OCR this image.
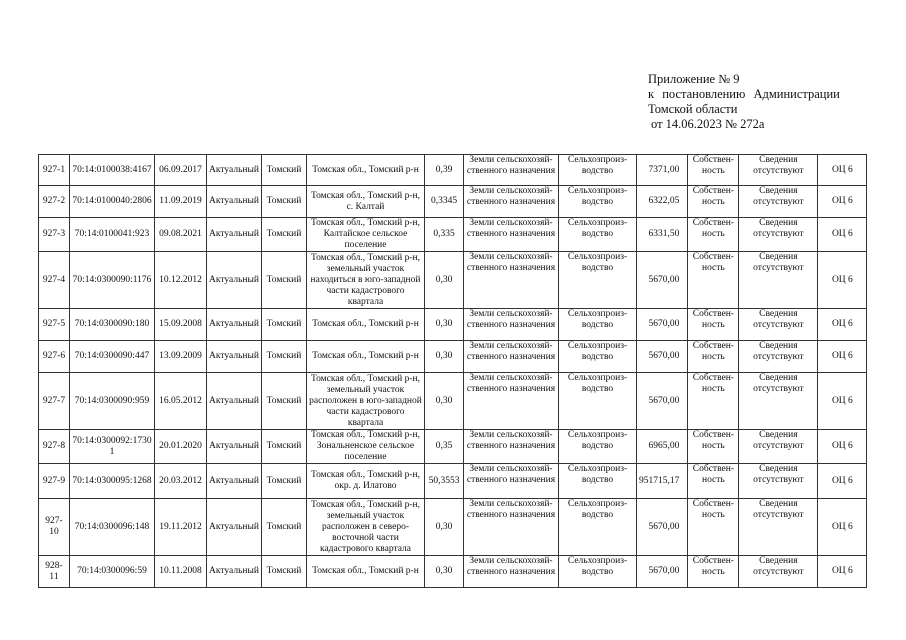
Приложение № 9
к постановлению Администрации
Томской области
от 14.06.2023 № 272а
927-1	70:14:0100038:4167	06.09.2017	Актуальный	Томский	Томская обл., Томский р-н	0,39	Земли сельскохозяй-ственного назначения	Сельхозпроиз-водство	7371,00	Собствен-ность	Сведения отсутствуют	ОЦ 6
927-2	70:14:0100040:2806	11.09.2019	Актуальный	Томский	Томская обл., Томский р-н, с. Калтай	0,3345	Земли сельскохозяй-ственного назначения	Сельхозпроиз-водство	6322,05	Собствен-ность	Сведения отсутствуют	ОЦ 6
927-3	70:14:0100041:923	09.08.2021	Актуальный	Томский	Томская обл., Томский р-н, Калтайское сельское поселение	0,335	Земли сельскохозяй-ственного назначения	Сельхозпроиз-водство	6331,50	Собствен-ность	Сведения отсутствуют	ОЦ 6
927-4	70:14:0300090:1176	10.12.2012	Актуальный	Томский	Томская обл., Томский р-н, земельный участок находиться в юго-западной части кадастрового квартала	0,30	Земли сельскохозяй-ственного назначения	Сельхозпроиз-водство	5670,00	Собствен-ность	Сведения отсутствуют	ОЦ 6
927-5	70:14:0300090:180	15.09.2008	Актуальный	Томский	Томская обл., Томский р-н	0,30	Земли сельскохозяй-ственного назначения	Сельхозпроиз-водство	5670,00	Собствен-ность	Сведения отсутствуют	ОЦ 6
927-6	70:14:0300090:447	13.09.2009	Актуальный	Томский	Томская обл., Томский р-н	0,30	Земли сельскохозяй-ственного назначения	Сельхозпроиз-водство	5670,00	Собствен-ность	Сведения отсутствуют	ОЦ 6
927-7	70:14:0300090:959	16.05.2012	Актуальный	Томский	Томская обл., Томский р-н, земельный участок расположен в юго-западной части кадастрового квартала	0,30	Земли сельскохозяй-ственного назначения	Сельхозпроиз-водство	5670,00	Собствен-ность	Сведения отсутствуют	ОЦ 6
927-8	70:14:0300092:1730 1	20.01.2020	Актуальный	Томский	Томская обл., Томский р-н, Зональненское сельское поселение	0,35	Земли сельскохозяй-ственного назначения	Сельхозпроиз-водство	6965,00	Собствен-ность	Сведения отсутствуют	ОЦ 6
927-9	70:14:0300095:1268	20.03.2012	Актуальный	Томский	Томская обл., Томский р-н, окр. д. Илатово	50,3553	Земли сельскохозяй-ственного назначения	Сельхозпроиз-водство	951715,17	Собствен-ность	Сведения отсутствуют	ОЦ 6
927-10	70:14:0300096:148	19.11.2012	Актуальный	Томский	Томская обл., Томский р-н, земельный участок расположен в северо-восточной части кадастрового квартала	0,30	Земли сельскохозяй-ственного назначения	Сельхозпроиз-водство	5670,00	Собствен-ность	Сведения отсутствуют	ОЦ 6
928-11	70:14:0300096:59	10.11.2008	Актуальный	Томский	Томская обл., Томский р-н	0,30	Земли сельскохозяй-ственного назначения	Сельхозпроиз-водство	5670,00	Собствен-ность	Сведения отсутствуют	ОЦ 6
